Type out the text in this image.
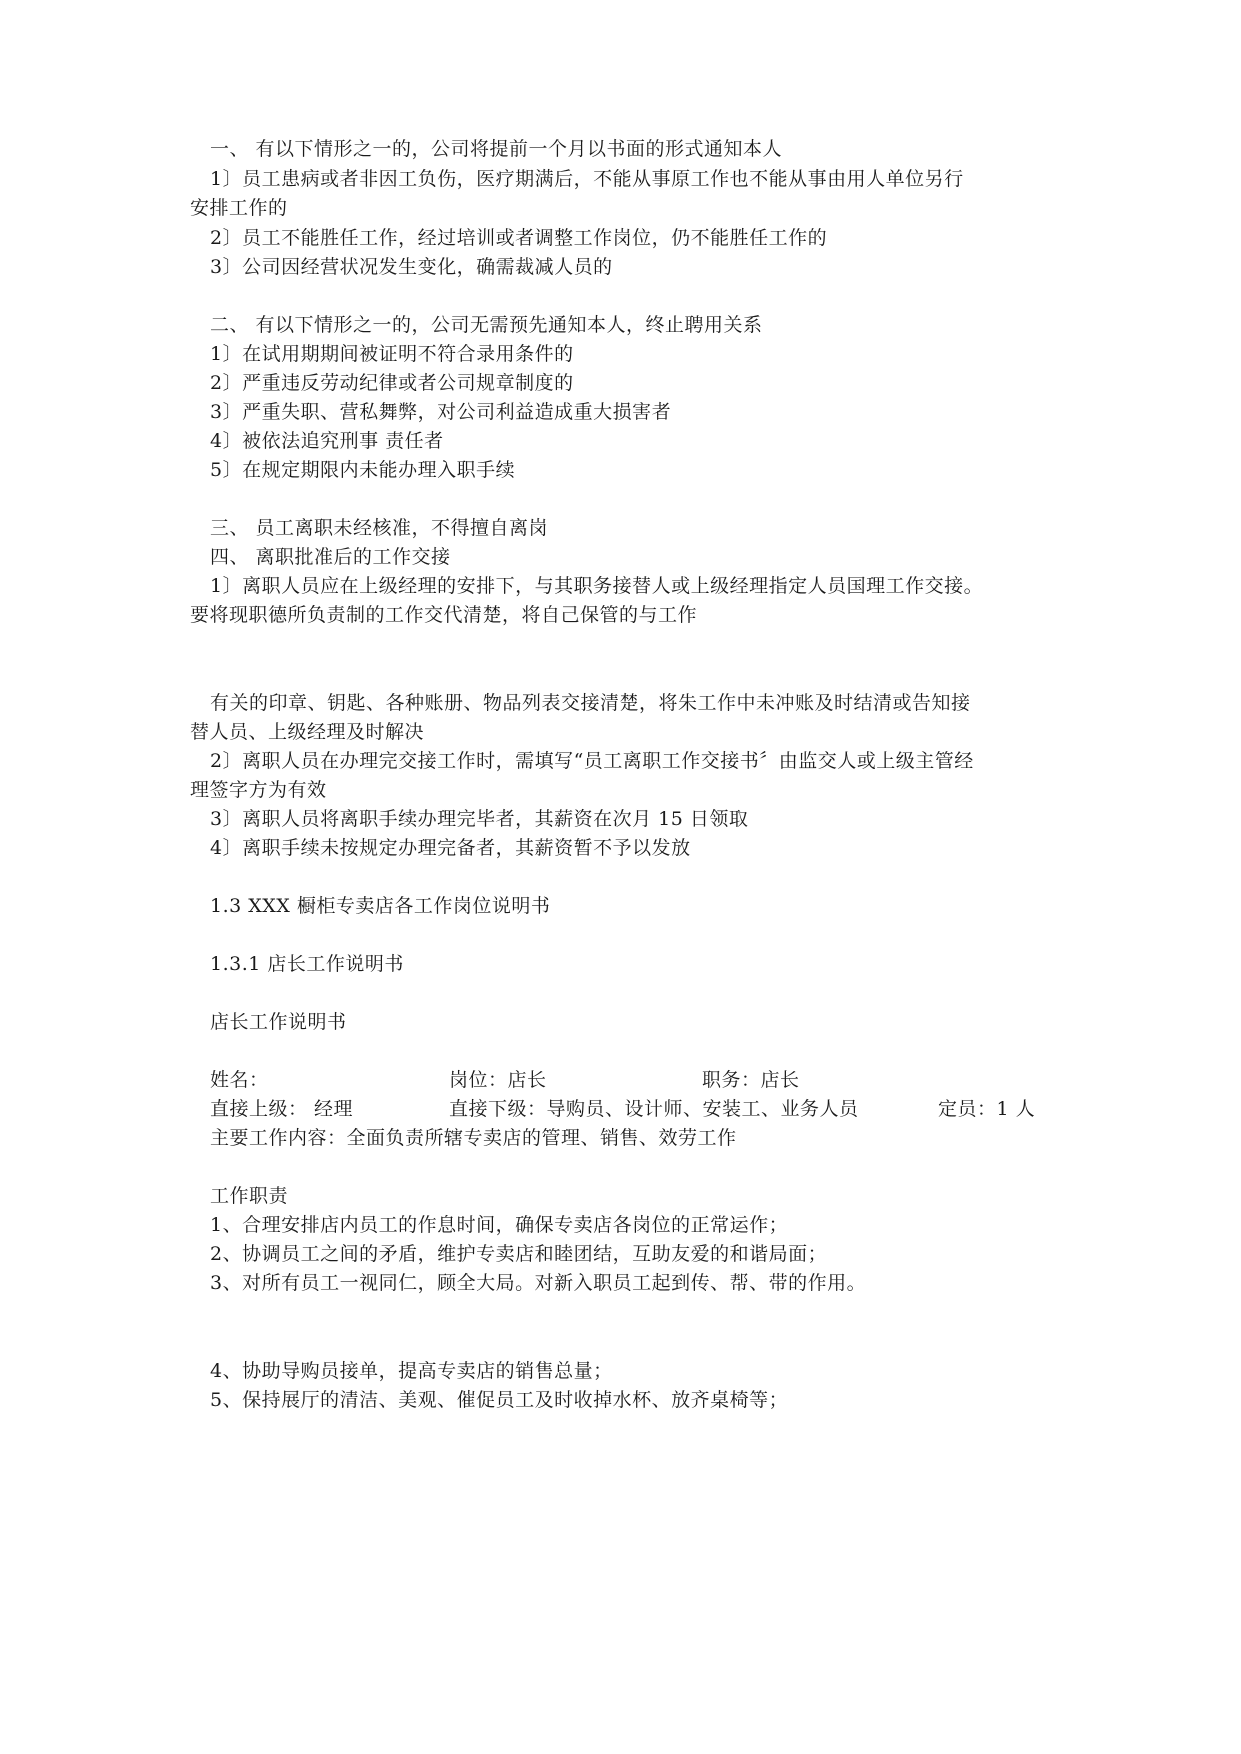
一、 有以下情形之一的，公司将提前一个月以书面的形式通知本人
1〕员工患病或者非因工负伤，医疗期满后，不能从事原工作也不能从事由用人单位另行
安排工作的
2〕员工不能胜任工作，经过培训或者调整工作岗位，仍不能胜任工作的
3〕公司因经营状况发生变化，确需裁减人员的
二、 有以下情形之一的，公司无需预先通知本人，终止聘用关系
1〕在试用期期间被证明不符合录用条件的
2〕严重违反劳动纪律或者公司规章制度的
3〕严重失职、营私舞弊，对公司利益造成重大损害者
4〕被依法追究刑事 责任者
5〕在规定期限内未能办理入职手续
三、 员工离职未经核准，不得擅自离岗
四、 离职批准后的工作交接
1〕离职人员应在上级经理的安排下，与其职务接替人或上级经理指定人员国理工作交接。
要将现职德所负责制的工作交代清楚，将自己保管的与工作
有关的印章、钥匙、各种账册、物品列表交接清楚，将朱工作中未冲账及时结清或告知接
替人员、上级经理及时解决
2〕离职人员在办理完交接工作时，需填写“员工离职工作交接书〞由监交人或上级主管经
理签字方为有效
3〕离职人员将离职手续办理完毕者，其薪资在次月 15 日领取
4〕离职手续未按规定办理完备者，其薪资暂不予以发放
1.3 XXX 橱柜专卖店各工作岗位说明书
1.3.1 店长工作说明书
店长工作说明书
姓名：	岗位：店长	职务：店长
直接上级： 经理	直接下级：导购员、设计师、安装工、业务人员	定员：1 人
主要工作内容：全面负责所辖专卖店的管理、销售、效劳工作
工作职责
1、合理安排店内员工的作息时间，确保专卖店各岗位的正常运作；
2、协调员工之间的矛盾，维护专卖店和睦团结，互助友爱的和谐局面；
3、对所有员工一视同仁，顾全大局。对新入职员工起到传、帮、带的作用。
4、协助导购员接单，提高专卖店的销售总量；
5、保持展厅的清洁、美观、催促员工及时收掉水杯、放齐桌椅等；
